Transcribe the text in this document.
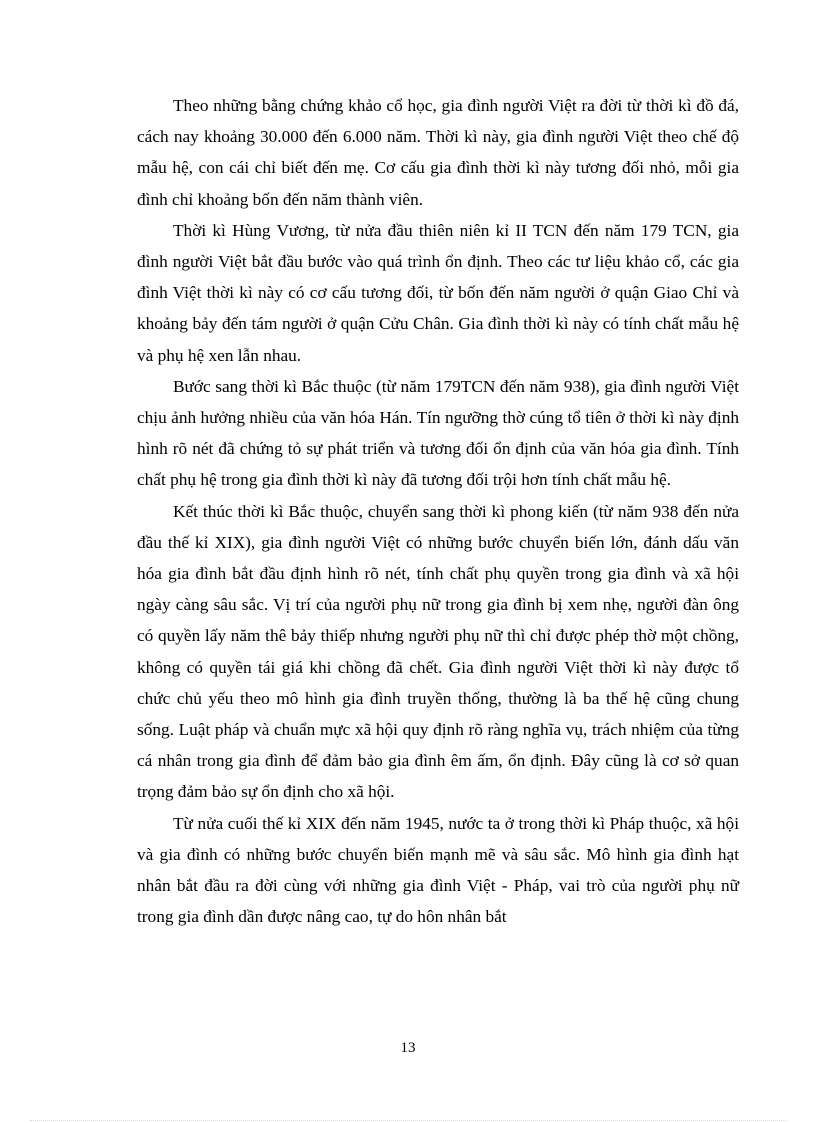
Theo những bằng chứng khảo cổ học, gia đình người Việt ra đời từ thời kì đồ đá, cách nay khoảng 30.000 đến 6.000 năm. Thời kì này, gia đình người Việt theo chế độ mẫu hệ, con cái chỉ biết đến mẹ. Cơ cấu gia đình thời kì này tương đối nhỏ, mỗi gia đình chỉ khoảng bốn đến năm thành viên.

Thời kì Hùng Vương, từ nửa đầu thiên niên kỉ II TCN đến năm 179 TCN, gia đình người Việt bắt đầu bước vào quá trình ổn định. Theo các tư liệu khảo cổ, các gia đình Việt thời kì này có cơ cấu tương đối, từ bốn đến năm người ở quận Giao Chỉ và khoảng bảy đến tám người ở quận Cửu Chân. Gia đình thời kì này có tính chất mẫu hệ và phụ hệ xen lẫn nhau.

Bước sang thời kì Bắc thuộc (từ năm 179TCN đến năm 938), gia đình người Việt chịu ảnh hưởng nhiều của văn hóa Hán. Tín ngưỡng thờ cúng tổ tiên ở thời kì này định hình rõ nét đã chứng tỏ sự phát triển và tương đối ổn định của văn hóa gia đình. Tính chất phụ hệ trong gia đình thời kì này đã tương đối trội hơn tính chất mẫu hệ.

Kết thúc thời kì Bắc thuộc, chuyển sang thời kì phong kiến (từ năm 938 đến nửa đầu thế kỉ XIX), gia đình người Việt có những bước chuyển biến lớn, đánh dấu văn hóa gia đình bắt đầu định hình rõ nét, tính chất phụ quyền trong gia đình và xã hội ngày càng sâu sắc. Vị trí của người phụ nữ trong gia đình bị xem nhẹ, người đàn ông có quyền lấy năm thê bảy thiếp nhưng người phụ nữ thì chỉ được phép thờ một chồng, không có quyền tái giá khi chồng đã chết. Gia đình người Việt thời kì này được tổ chức chủ yếu theo mô hình gia đình truyền thống, thường là ba thế hệ cũng chung sống. Luật pháp và chuẩn mực xã hội quy định rõ ràng nghĩa vụ, trách nhiệm của từng cá nhân trong gia đình để đảm bảo gia đình êm ấm, ổn định. Đây cũng là cơ sở quan trọng đảm bảo sự ổn định cho xã hội.

Từ nửa cuối thế kỉ XIX đến năm 1945, nước ta ở trong thời kì Pháp thuộc, xã hội và gia đình có những bước chuyển biến mạnh mẽ và sâu sắc. Mô hình gia đình hạt nhân bắt đầu ra đời cùng với những gia đình Việt - Pháp, vai trò của người phụ nữ trong gia đình dần được nâng cao, tự do hôn nhân bắt

13
